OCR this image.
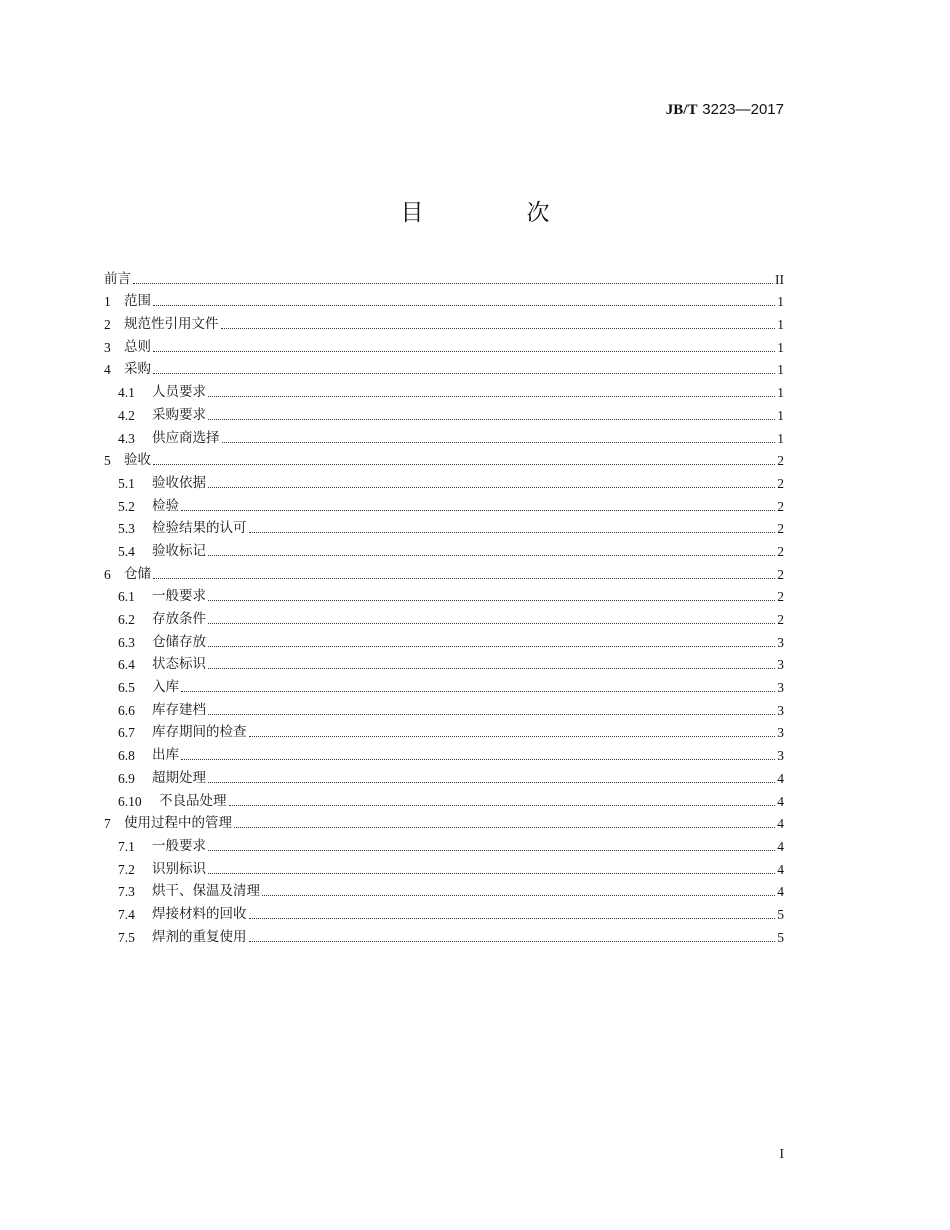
JB/T 3223—2017
目　次
前言	II
1 范围	1
2 规范性引用文件	1
3 总则	1
4 采购	1
4.1	人员要求	1
4.2	采购要求	1
4.3	供应商选择	1
5 验收	2
5.1	验收依据	2
5.2	检验	2
5.3	检验结果的认可	2
5.4	验收标记	2
6 仓储	2
6.1	一般要求	2
6.2	存放条件	2
6.3	仓储存放	3
6.4	状态标识	3
6.5	入库	3
6.6	库存建档	3
6.7	库存期间的检查	3
6.8	出库	3
6.9	超期处理	4
6.10	不良品处理	4
7 使用过程中的管理	4
7.1	一般要求	4
7.2	识别标识	4
7.3	烘干、保温及清理	4
7.4	焊接材料的回收	5
7.5	焊剂的重复使用	5
I
